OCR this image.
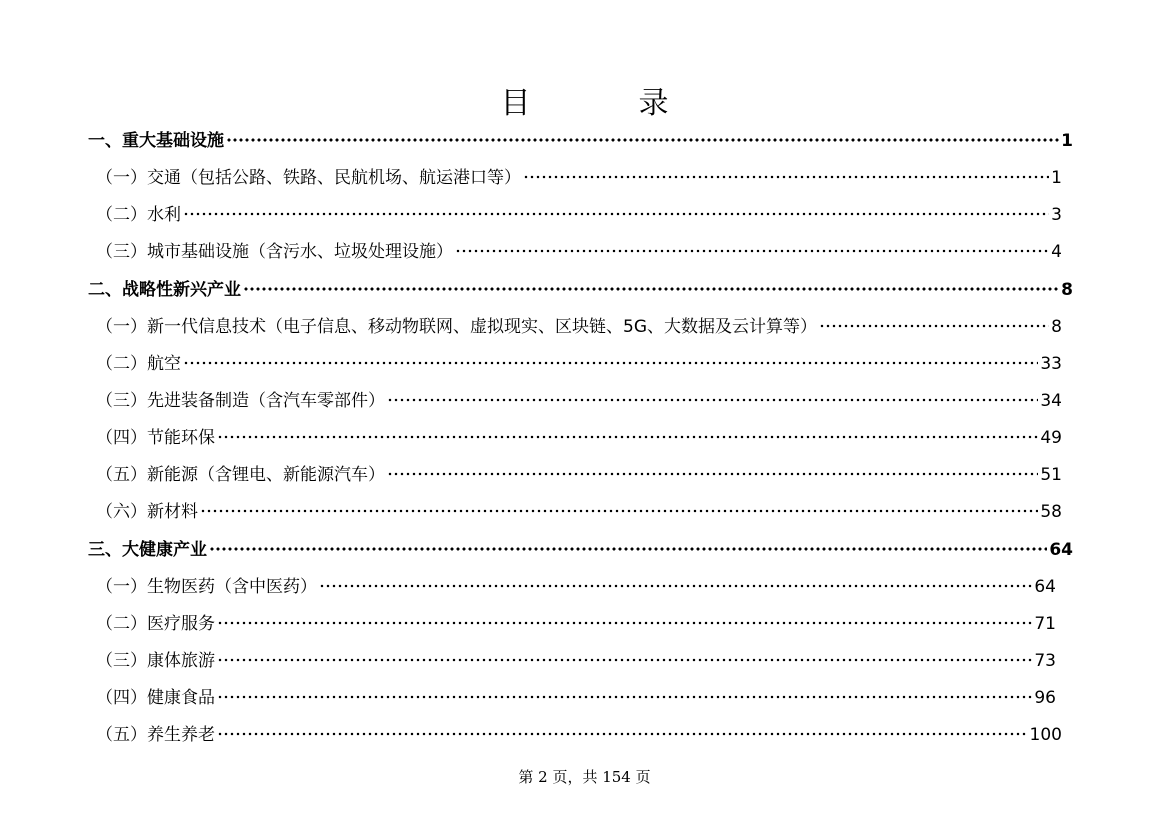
目	录
一、重大基础设施	1
（一）交通（包括公路、铁路、民航机场、航运港口等）	1
（二）水利	3
（三）城市基础设施（含污水、垃圾处理设施）	4
二、战略性新兴产业	8
（一）新一代信息技术（电子信息、移动物联网、虚拟现实、区块链、5G、大数据及云计算等）	8
（二）航空	33
（三）先进装备制造（含汽车零部件）	34
（四）节能环保	49
（五）新能源（含锂电、新能源汽车）	51
（六）新材料	58
三、大健康产业	64
（一）生物医药（含中医药）	64
（二）医疗服务	71
（三）康体旅游	73
（四）健康食品	96
（五）养生养老	100
第 2 页，共 154 页
